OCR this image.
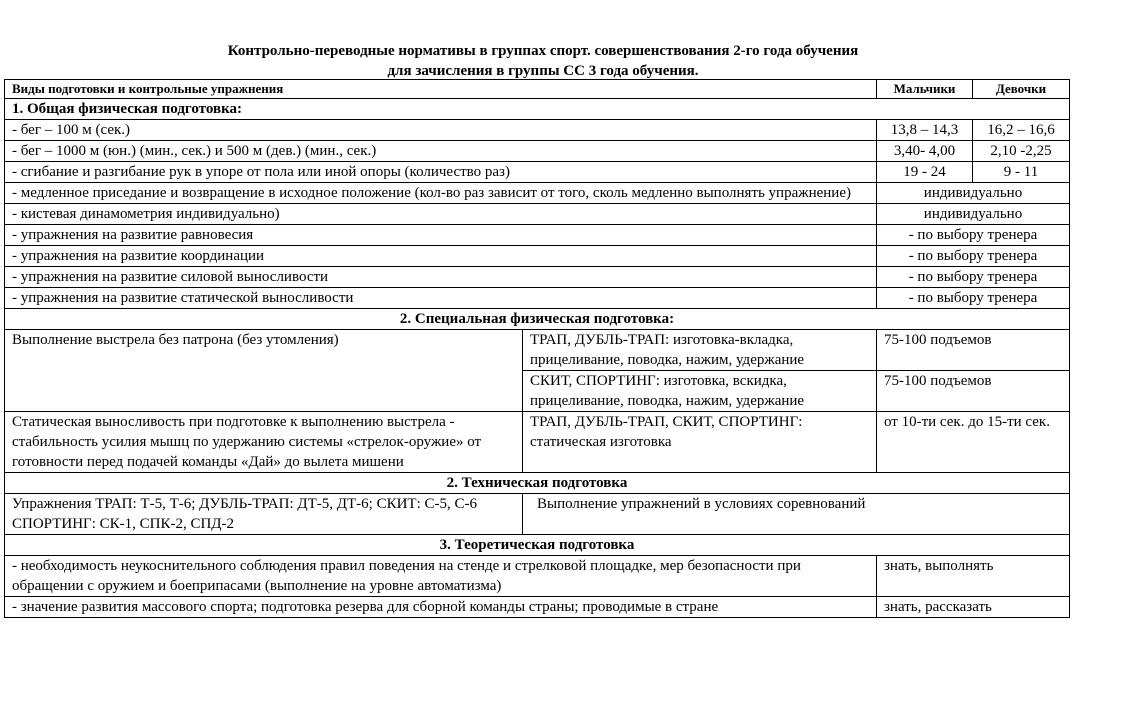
Контрольно-переводные нормативы в группах спорт. совершенствования 2-го года обучения
для зачисления в группы СС 3 года обучения.
Виды подготовки и контрольные упражнения		Мальчики	Девочки
1. Общая физическая подготовка:			
- бег – 100 м (сек.)		13,8 – 14,3	16,2 – 16,6
- бег – 1000 м (юн.) (мин., сек.) и 500 м (дев.) (мин., сек.)		3,40- 4,00	2,10 -2,25
- сгибание и разгибание рук в упоре от пола или иной опоры (количество раз)		19 - 24	9 - 11
- медленное приседание и возвращение в исходное положение (кол-во раз зависит от того, сколь медленно выполнять упражнение)		индивидуально	
- кистевая динамометрия индивидуально)		индивидуально	
- упражнения на развитие равновесия		- по выбору тренера	
- упражнения на развитие координации		- по выбору тренера	
- упражнения на развитие силовой выносливости		- по выбору тренера	
- упражнения на развитие статической выносливости		- по выбору тренера	
2. Специальная физическая подготовка:			
Выполнение выстрела без патрона (без утомления)	ТРАП, ДУБЛЬ-ТРАП: изготовка-вкладка, прицеливание, поводка, нажим, удержание	75-100 подъемов	
	СКИТ, СПОРТИНГ: изготовка, вскидка, прицеливание, поводка, нажим, удержание	75-100 подъемов	
Статическая выносливость при подготовке к выполнению выстрела - стабильность усилия мышц по удержанию системы «стрелок-оружие» от готовности перед подачей команды «Дай» до вылета мишени	ТРАП, ДУБЛЬ-ТРАП, СКИТ, СПОРТИНГ: статическая изготовка	от 10-ти сек. до 15-ти сек.	
2. Техническая подготовка			
Упражнения ТРАП: Т-5, Т-6; ДУБЛЬ-ТРАП: ДТ-5, ДТ-6; СКИТ: С-5, С-6 СПОРТИНГ: СК-1, СПК-2, СПД-2	Выполнение упражнений в условиях соревнований		
3. Теоретическая подготовка			
- необходимость неукоснительного соблюдения правил поведения на стенде и стрелковой площадке, мер безопасности при обращении с оружием и боеприпасами (выполнение на уровне автоматизма)		знать, выполнять	
- значение развития массового спорта; подготовка резерва для сборной команды страны; проводимые в стране		знать, рассказать	
